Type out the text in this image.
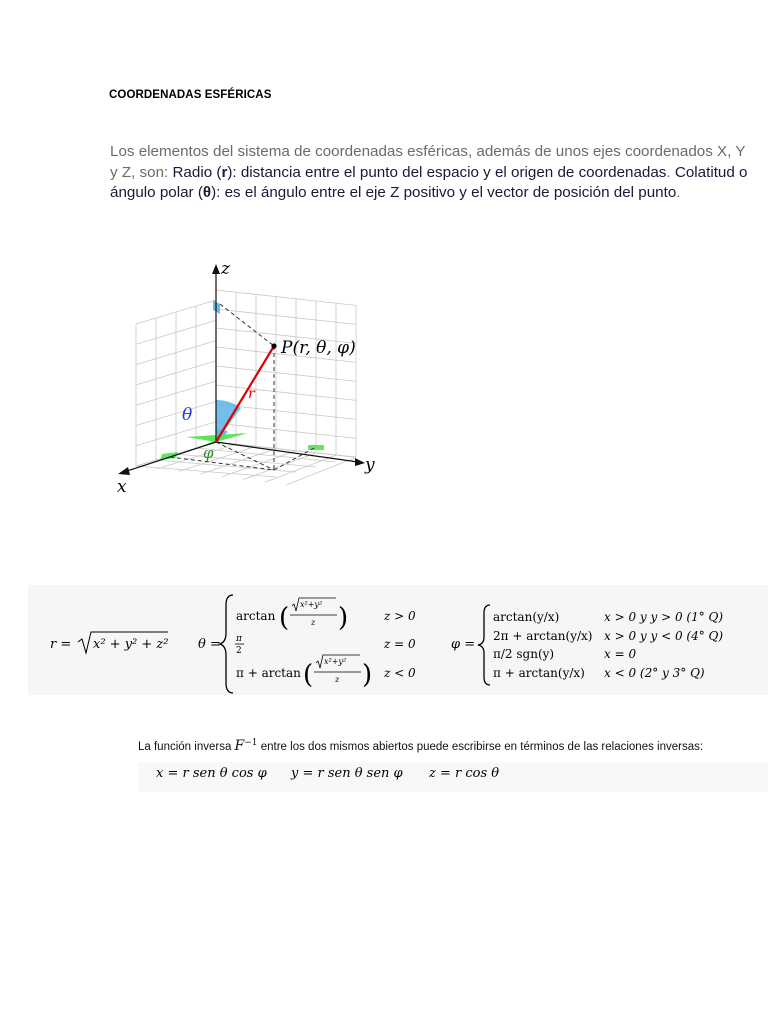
COORDENADAS ESFÉRICAS
Los elementos del sistema de coordenadas esféricas, además de unos ejes coordenados X, Y y Z, son: Radio (r): distancia entre el punto del espacio y el origen de coordenadas. Colatitud o ángulo polar (θ): es el ángulo entre el eje Z positivo y el vector de posición del punto.
z
y
x
P(r, θ, φ)
r
θ
φ
r = x² + y² + z² θ =
arctan ( x²+y²
z )	z > 0
π
2	z = 0
π + arctan ( x²+y²
z ) z < 0
φ =
arctan(y/x)	x > 0 y y > 0 (1° Q)
2π + arctan(y/x) x > 0 y y < 0 (4° Q)
π/2 sgn(y)	x = 0
π + arctan(y/x) x < 0 (2° y 3° Q)
La función inversa $F^{-1}$ entre los dos mismos abiertos puede escribirse en términos de las relaciones inversas:
x = r sen θ cos φ y = r sen θ sen φ z = r cos θ
